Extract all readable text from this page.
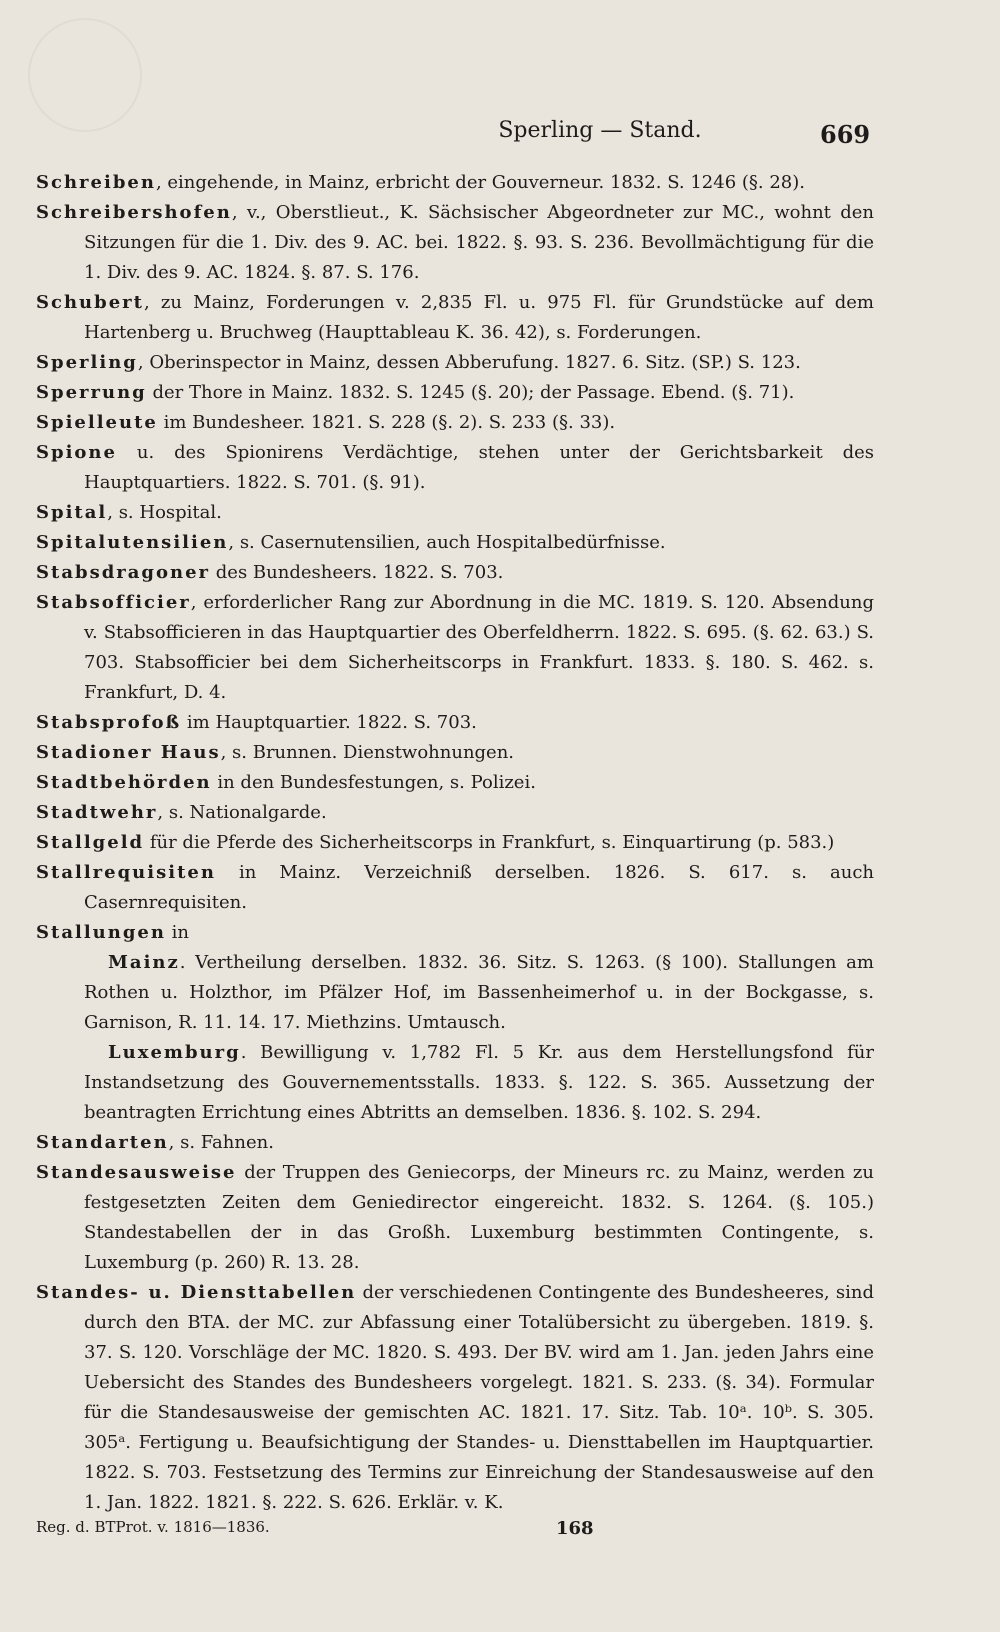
Sperling — Stand.	669

Schreiben, eingehende, in Mainz, erbricht der Gouverneur. 1832. S. 1246 (§. 28).

Schreibershofen, v., Oberstlieut., K. Sächsischer Abgeordneter zur MC., wohnt den Sitzungen für die 1. Div. des 9. AC. bei. 1822. §. 93. S. 236. Bevollmächtigung für die 1. Div. des 9. AC. 1824. §. 87. S. 176.

Schubert, zu Mainz, Forderungen v. 2,835 Fl. u. 975 Fl. für Grundstücke auf dem Hartenberg u. Bruchweg (Haupttableau K. 36. 42), s. Forderungen.

Sperling, Oberinspector in Mainz, dessen Abberufung. 1827. 6. Sitz. (SP.) S. 123.

Sperrung der Thore in Mainz. 1832. S. 1245 (§. 20); der Passage. Ebend. (§. 71).

Spielleute im Bundesheer. 1821. S. 228 (§. 2). S. 233 (§. 33).

Spione u. des Spionirens Verdächtige, stehen unter der Gerichtsbarkeit des Hauptquartiers. 1822. S. 701. (§. 91).

Spital, s. Hospital.

Spitalutensilien, s. Casernutensilien, auch Hospitalbedürfnisse.

Stabsdragoner des Bundesheers. 1822. S. 703.

Stabsofficier, erforderlicher Rang zur Abordnung in die MC. 1819. S. 120. Absendung v. Stabsofficieren in das Hauptquartier des Oberfeldherrn. 1822. S. 695. (§. 62. 63.) S. 703. Stabsofficier bei dem Sicherheitscorps in Frankfurt. 1833. §. 180. S. 462. s. Frankfurt, D. 4.

Stabsprofoß im Hauptquartier. 1822. S. 703.

Stadioner Haus, s. Brunnen. Dienstwohnungen.

Stadtbehörden in den Bundesfestungen, s. Polizei.

Stadtwehr, s. Nationalgarde.

Stallgeld für die Pferde des Sicherheitscorps in Frankfurt, s. Einquartirung (p. 583.)

Stallrequisiten in Mainz. Verzeichniß derselben. 1826. S. 617. s. auch Casernrequisiten.

Stallungen in

Mainz. Vertheilung derselben. 1832. 36. Sitz. S. 1263. (§ 100). Stallungen am Rothen u. Holzthor, im Pfälzer Hof, im Bassenheimerhof u. in der Bockgasse, s. Garnison, R. 11. 14. 17. Miethzins. Umtausch.

Luxemburg. Bewilligung v. 1,782 Fl. 5 Kr. aus dem Herstellungsfond für Instandsetzung des Gouvernementsstalls. 1833. §. 122. S. 365. Aussetzung der beantragten Errichtung eines Abtritts an demselben. 1836. §. 102. S. 294.

Standarten, s. Fahnen.

Standesausweise der Truppen des Geniecorps, der Mineurs rc. zu Mainz, werden zu festgesetzten Zeiten dem Geniedirector eingereicht. 1832. S. 1264. (§. 105.) Standestabellen der in das Großh. Luxemburg bestimmten Contingente, s. Luxemburg (p. 260) R. 13. 28.

Standes- u. Diensttabellen der verschiedenen Contingente des Bundesheeres, sind durch den BTA. der MC. zur Abfassung einer Totalübersicht zu übergeben. 1819. §. 37. S. 120. Vorschläge der MC. 1820. S. 493. Der BV. wird am 1. Jan. jeden Jahrs eine Uebersicht des Standes des Bundesheers vorgelegt. 1821. S. 233. (§. 34). Formular für die Standesausweise der gemischten AC. 1821. 17. Sitz. Tab. 10ᵃ. 10ᵇ. S. 305. 305ᵃ. Fertigung u. Beaufsichtigung der Standes- u. Diensttabellen im Hauptquartier. 1822. S. 703. Festsetzung des Termins zur Einreichung der Standesausweise auf den 1. Jan. 1822. 1821. §. 222. S. 626. Erklär. v. K.

Reg. d. BTProt. v. 1816—1836.	168
